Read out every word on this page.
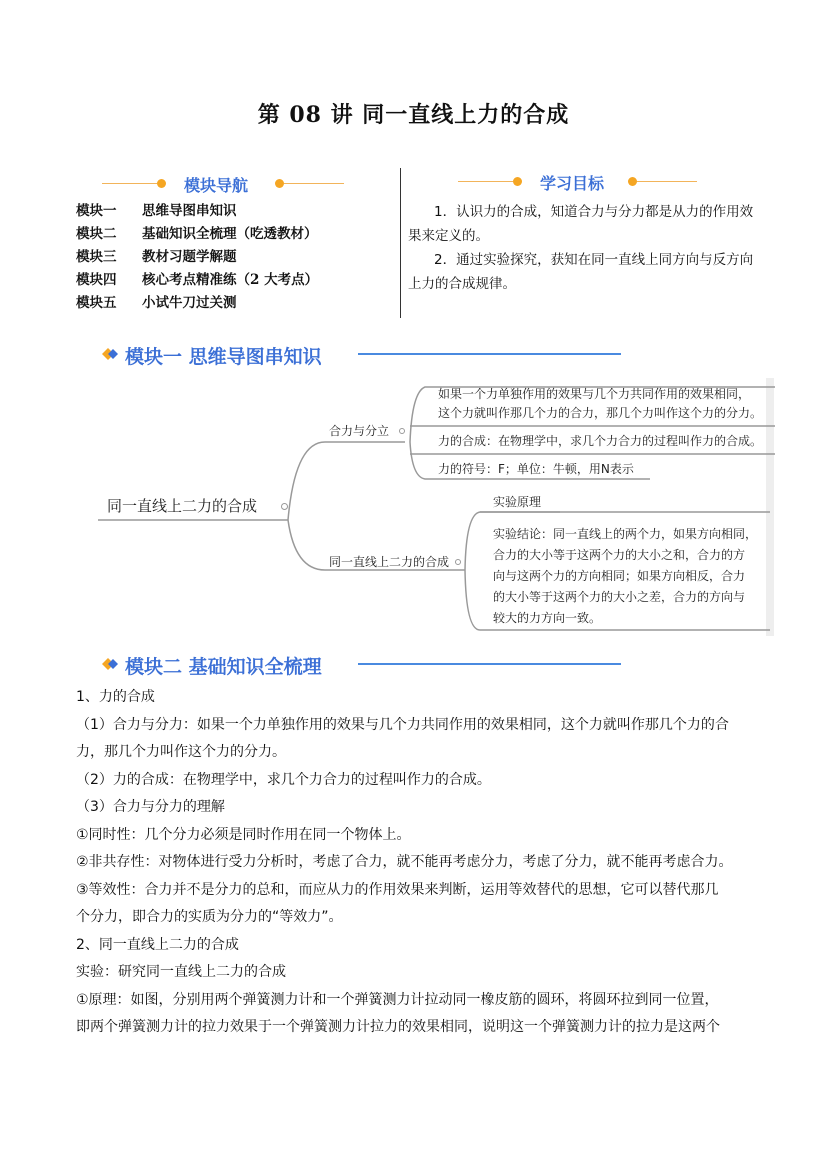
第 08 讲 同一直线上力的合成
模块导航
模块一 思维导图串知识
模块二 基础知识全梳理（吃透教材）
模块三 教材习题学解题
模块四 核心考点精准练（2 大考点）
模块五 小试牛刀过关测
学习目标

1．认识力的合成，知道合力与分力都是从力的作用效果来定义的。

2．通过实验探究，获知在同一直线上同方向与反方向上力的合成规律。

模块一 思维导图串知识
同一直线上二力的合成
合力与分立
如果一个力单独作用的效果与几个力共同作用的效果相同，
这个力就叫作那几个力的合力，那几个力叫作这个力的分力。
力的合成：在物理学中，求几个力合力的过程叫作力的合成。
力的符号：F；单位：牛顿，用N表示
同一直线上二力的合成
实验原理
实验结论：同一直线上的两个力，如果方向相同，
合力的大小等于这两个力的大小之和，合力的方
向与这两个力的方向相同；如果方向相反，合力
的大小等于这两个力的大小之差，合力的方向与
较大的力方向一致。
模块二 基础知识全梳理

1、力的合成

（1）合力与分力：如果一个力单独作用的效果与几个力共同作用的效果相同，这个力就叫作那几个力的合

力，那几个力叫作这个力的分力。

（2）力的合成：在物理学中，求几个力合力的过程叫作力的合成。

（3）合力与分力的理解

①同时性：几个分力必须是同时作用在同一个物体上。

②非共存性：对物体进行受力分析时，考虑了合力，就不能再考虑分力，考虑了分力，就不能再考虑合力。

③等效性：合力并不是分力的总和，而应从力的作用效果来判断，运用等效替代的思想，它可以替代那几

个分力，即合力的实质为分力的“等效力”。

2、同一直线上二力的合成

实验：研究同一直线上二力的合成

①原理：如图，分别用两个弹簧测力计和一个弹簧测力计拉动同一橡皮筋的圆环，将圆环拉到同一位置，

即两个弹簧测力计的拉力效果于一个弹簧测力计拉力的效果相同，说明这一个弹簧测力计的拉力是这两个
